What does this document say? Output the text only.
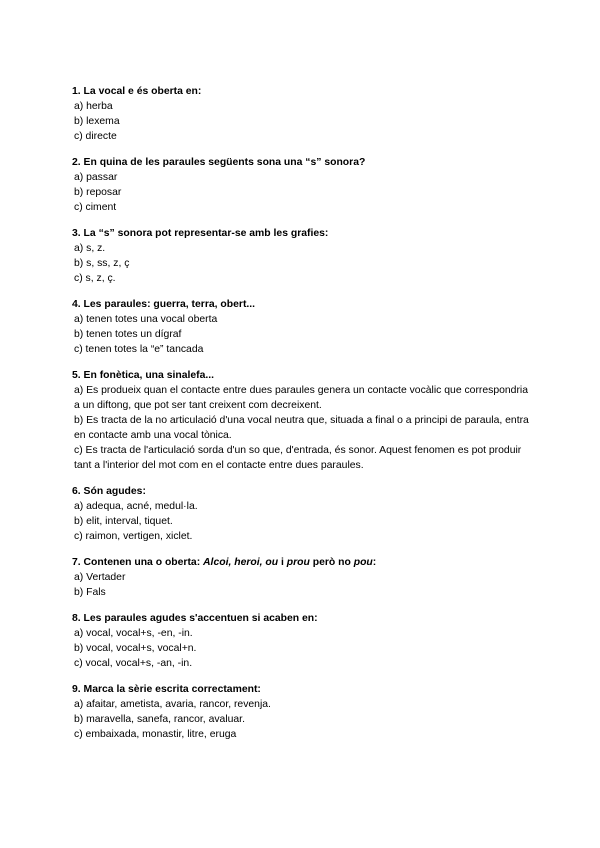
1. La vocal e és oberta en:

a) herba
b) lexema
c) directe

2. En quina de les paraules següents sona una “s” sonora?

a) passar
b) reposar
c) ciment

3. La “s” sonora pot representar-se amb les grafies:

a) s, z.
b) s, ss, z, ç
c) s, z, ç.

4. Les paraules: guerra, terra, obert...

a) tenen totes una vocal oberta
b) tenen totes un dígraf
c) tenen totes la “e” tancada

5. En fonètica, una sinalefa...

a) Es produeix quan el contacte entre dues paraules genera un contacte vocàlic que correspondria a un diftong, que pot ser tant creixent com decreixent.
b) Es tracta de la no articulació d'una vocal neutra que, situada a final o a principi de paraula, entra en contacte amb una vocal tònica.
c) Es tracta de l'articulació sorda d'un so que, d'entrada, és sonor. Aquest fenomen es pot produir tant a l'interior del mot com en el contacte entre dues paraules.

6. Són agudes:

a) adequa, acné, medul·la.
b) elit, interval, tiquet.
c) raimon, vertigen, xiclet.

7. Contenen una o oberta: Alcoi, heroi, ou i prou però no pou:

a) Vertader
b) Fals

8. Les paraules agudes s'accentuen si acaben en:

a) vocal, vocal+s, -en, -in.
b) vocal, vocal+s, vocal+n.
c) vocal, vocal+s, -an, -in.

9. Marca la sèrie escrita correctament:

a) afaitar, ametista, avaria, rancor, revenja.
b) maravella, sanefa, rancor, avaluar.
c) embaixada, monastir, litre, eruga
